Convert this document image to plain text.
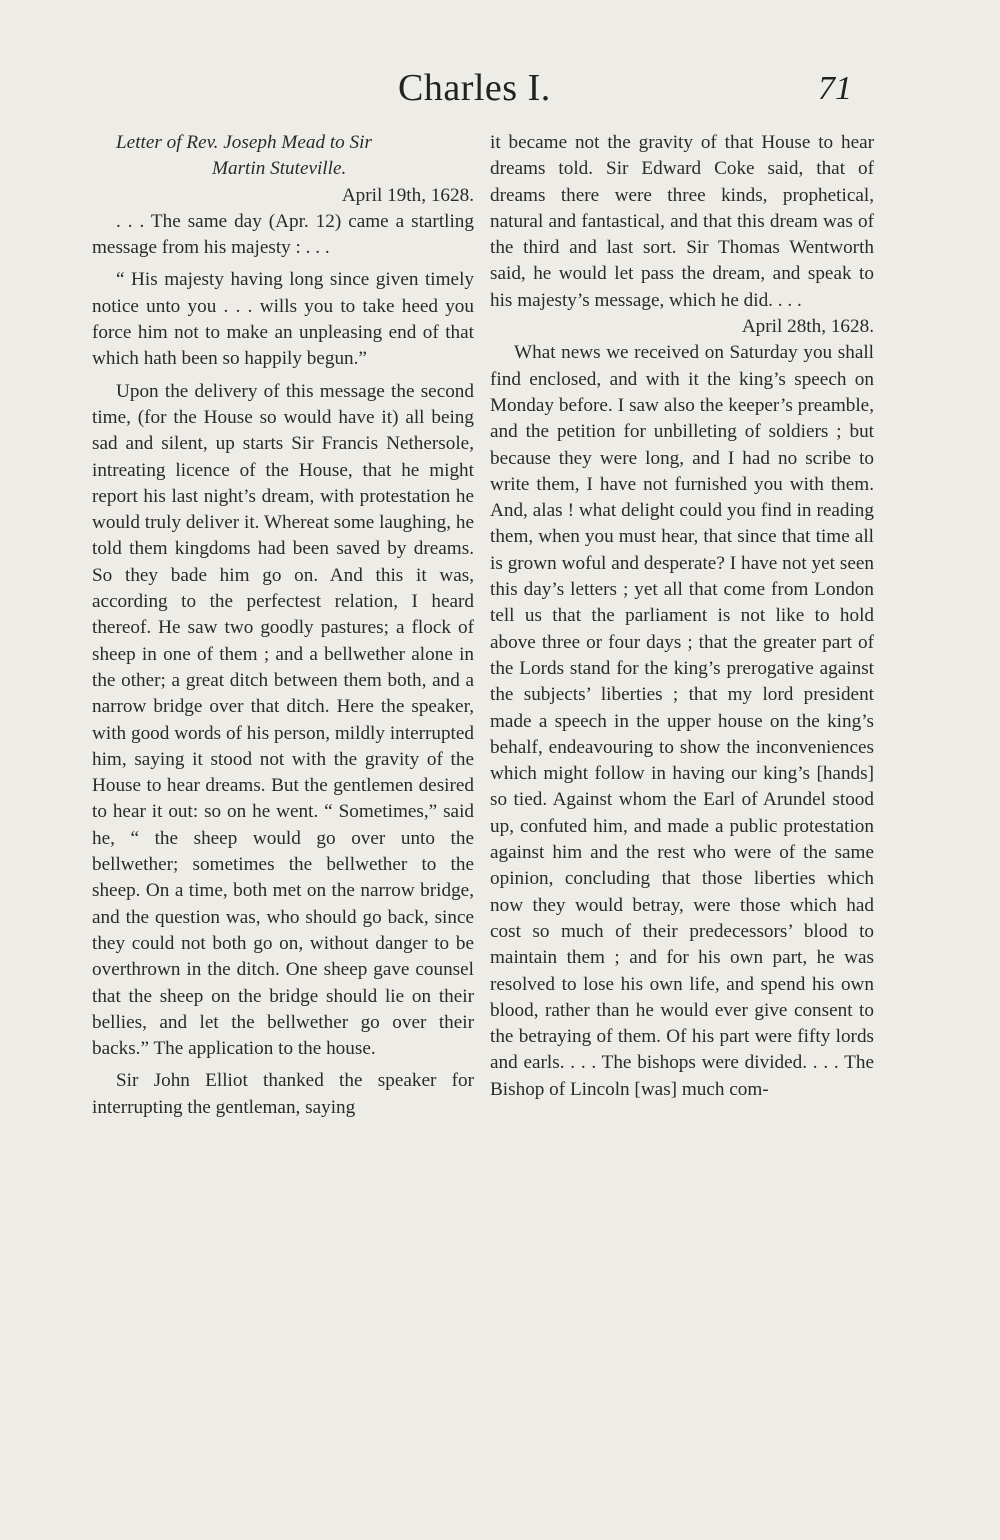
Charles I.	71

Letter of Rev. Joseph Mead to Sir
Martin Stuteville.

April 19th, 1628.

. . . The same day (Apr. 12) came a startling message from his majesty : . . .

“ His majesty having long since given timely notice unto you . . . wills you to take heed you force him not to make an unpleasing end of that which hath been so happily begun.”

Upon the delivery of this message the second time, (for the House so would have it) all being sad and silent, up starts Sir Francis Nethersole, intreating licence of the House, that he might report his last night’s dream, with protestation he would truly deliver it. Whereat some laughing, he told them kingdoms had been saved by dreams. So they bade him go on. And this it was, according to the perfectest relation, I heard thereof. He saw two goodly pastures; a flock of sheep in one of them ; and a bellwether alone in the other; a great ditch between them both, and a narrow bridge over that ditch. Here the speaker, with good words of his person, mildly interrupted him, saying it stood not with the gravity of the House to hear dreams. But the gentlemen desired to hear it out: so on he went. “ Sometimes,” said he, “ the sheep would go over unto the bellwether; sometimes the bellwether to the sheep. On a time, both met on the narrow bridge, and the question was, who should go back, since they could not both go on, without danger to be overthrown in the ditch. One sheep gave counsel that the sheep on the bridge should lie on their bellies, and let the bellwether go over their backs.” The application to the house.

Sir John Elliot thanked the speaker for interrupting the gentleman, saying

it became not the gravity of that House to hear dreams told. Sir Edward Coke said, that of dreams there were three kinds, prophetical, natural and fantastical, and that this dream was of the third and last sort. Sir Thomas Wentworth said, he would let pass the dream, and speak to his majesty’s message, which he did. . . .

April 28th, 1628.

What news we received on Saturday you shall find enclosed, and with it the king’s speech on Monday before. I saw also the keeper’s preamble, and the petition for unbilleting of soldiers ; but because they were long, and I had no scribe to write them, I have not furnished you with them. And, alas ! what delight could you find in reading them, when you must hear, that since that time all is grown woful and desperate? I have not yet seen this day’s letters ; yet all that come from London tell us that the parliament is not like to hold above three or four days ; that the greater part of the Lords stand for the king’s prerogative against the subjects’ liberties ; that my lord president made a speech in the upper house on the king’s behalf, endeavouring to show the inconveniences which might follow in having our king’s [hands] so tied. Against whom the Earl of Arundel stood up, confuted him, and made a public protestation against him and the rest who were of the same opinion, concluding that those liberties which now they would betray, were those which had cost so much of their predecessors’ blood to maintain them ; and for his own part, he was resolved to lose his own life, and spend his own blood, rather than he would ever give consent to the betraying of them. Of his part were fifty lords and earls. . . . The bishops were divided. . . . The Bishop of Lincoln [was] much com-
